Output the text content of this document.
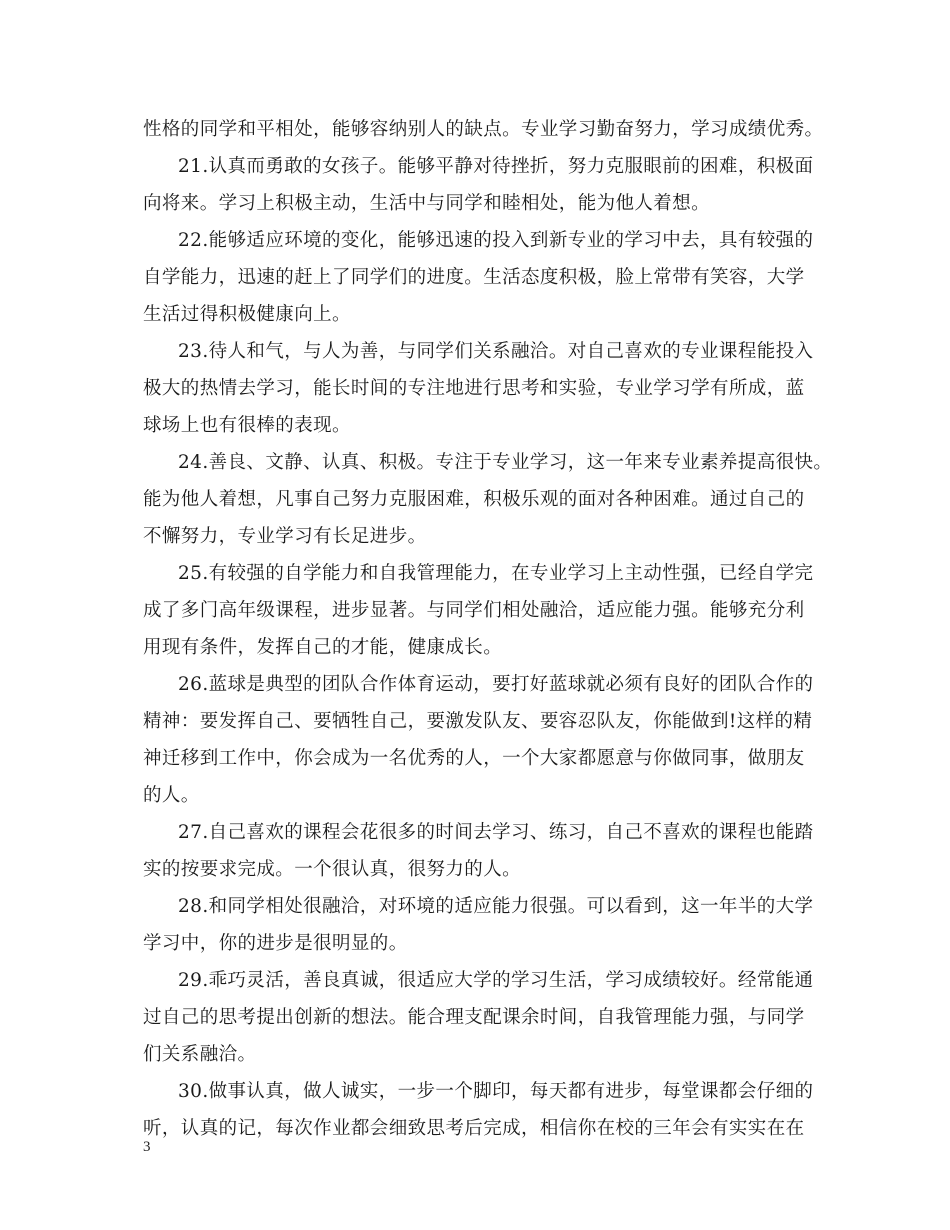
性格的同学和平相处，能够容纳别人的缺点。专业学习勤奋努力，学习成绩优秀。
21.认真而勇敢的女孩子。能够平静对待挫折，努力克服眼前的困难，积极面
向将来。学习上积极主动，生活中与同学和睦相处，能为他人着想。
22.能够适应环境的变化，能够迅速的投入到新专业的学习中去，具有较强的
自学能力，迅速的赶上了同学们的进度。生活态度积极，脸上常带有笑容，大学
生活过得积极健康向上。
23.待人和气，与人为善，与同学们关系融洽。对自己喜欢的专业课程能投入
极大的热情去学习，能长时间的专注地进行思考和实验，专业学习学有所成，蓝
球场上也有很棒的表现。
24.善良、文静、认真、积极。专注于专业学习，这一年来专业素养提高很快。
能为他人着想，凡事自己努力克服困难，积极乐观的面对各种困难。通过自己的
不懈努力，专业学习有长足进步。
25.有较强的自学能力和自我管理能力，在专业学习上主动性强，已经自学完
成了多门高年级课程，进步显著。与同学们相处融洽，适应能力强。能够充分利
用现有条件，发挥自己的才能，健康成长。
26.蓝球是典型的团队合作体育运动，要打好蓝球就必须有良好的团队合作的
精神：要发挥自己、要牺牲自己，要激发队友、要容忍队友，你能做到!这样的精
神迁移到工作中，你会成为一名优秀的人，一个大家都愿意与你做同事，做朋友
的人。
27.自己喜欢的课程会花很多的时间去学习、练习，自己不喜欢的课程也能踏
实的按要求完成。一个很认真，很努力的人。
28.和同学相处很融洽，对环境的适应能力很强。可以看到，这一年半的大学
学习中，你的进步是很明显的。
29.乖巧灵活，善良真诚，很适应大学的学习生活，学习成绩较好。经常能通
过自己的思考提出创新的想法。能合理支配课余时间，自我管理能力强，与同学
们关系融洽。
30.做事认真，做人诚实，一步一个脚印，每天都有进步，每堂课都会仔细的
听，认真的记，每次作业都会细致思考后完成，相信你在校的三年会有实实在在
3
